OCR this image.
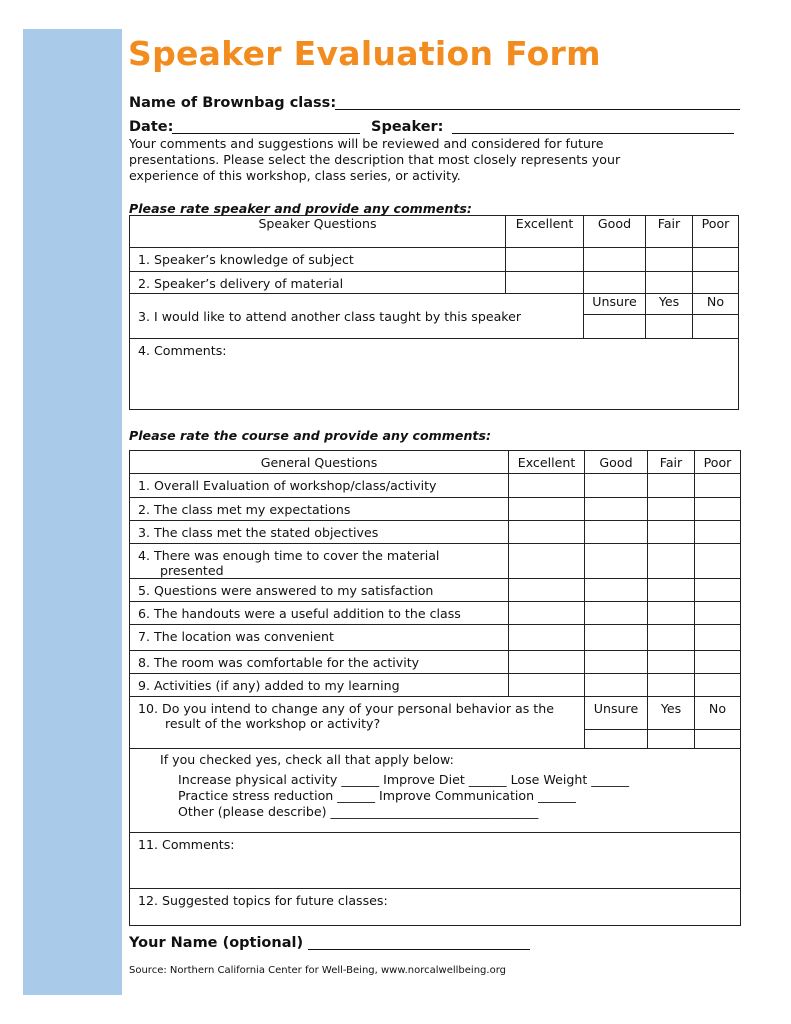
Speaker Evaluation Form
Name of Brownbag class:
Date:	Speaker:
Your comments and suggestions will be reviewed and considered for future presentations. Please select the description that most closely represents your experience of this workshop, class series, or activity.
Please rate speaker and provide any comments:
Speaker Questions	Excellent	Good	Fair	Poor
1. Speaker’s knowledge of subject				
2. Speaker’s delivery of material				
3. I would like to attend another class taught by this speaker		Unsure	Yes	No

4. Comments:				
Please rate the course and provide any comments:
General Questions	Excellent	Good	Fair	Poor
1. Overall Evaluation of workshop/class/activity				
2. The class met my expectations				
3. The class met the stated objectives				
4. There was enough time to cover the material
presented				

5. Questions were answered to my satisfaction				
6. The handouts were a useful addition to the class				
7. The location was convenient				
8. The room was comfortable for the activity				
9. Activities (if any) added to my learning				
10. Do you intend to change any of your personal behavior as the
result of the workshop or activity?		Unsure	Yes	No

If you checked yes, check all that apply below:
Increase physical activity ______ Improve Diet ______ Lose Weight ______
Practice stress reduction ______ Improve Communication ______
Other (please describe) _________________________________				

11. Comments:				
12. Suggested topics for future classes:				
Your Name (optional)
Source: Northern California Center for Well-Being, www.norcalwellbeing.org
